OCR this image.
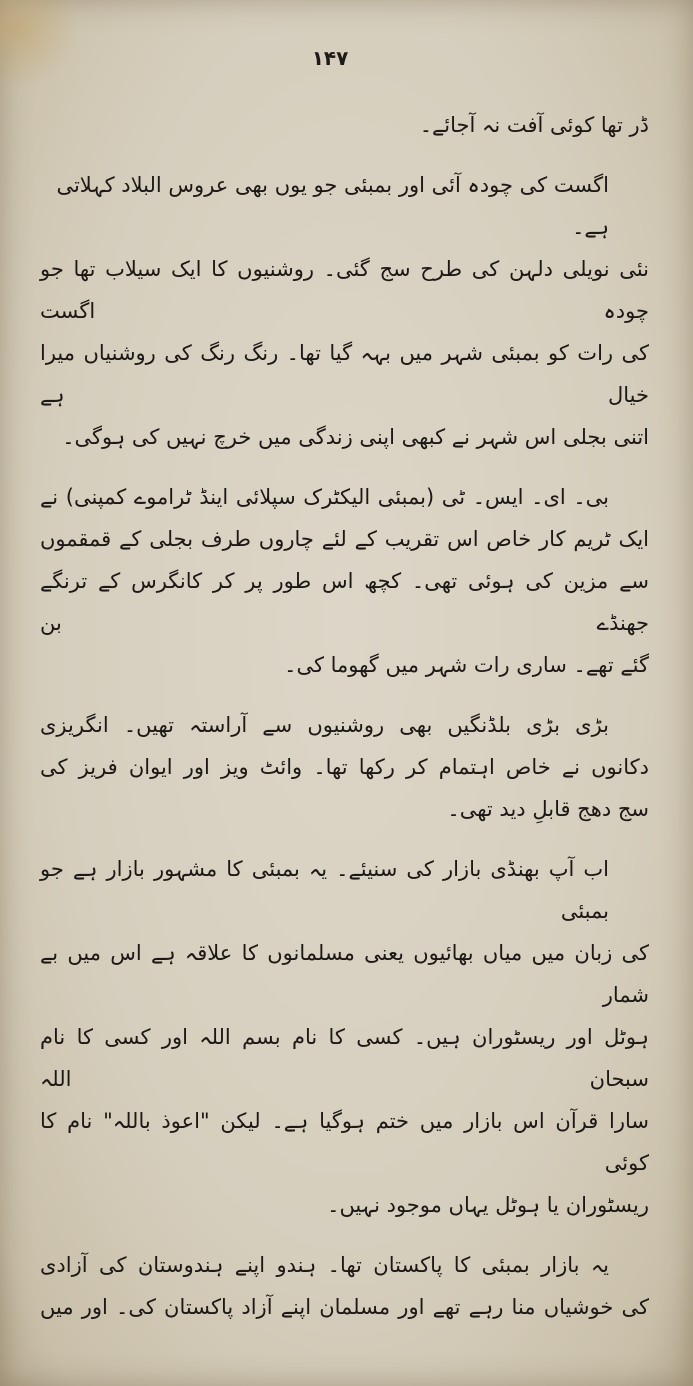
۱۴۷
ڈر تھا کوئی آفت نہ آجائے۔
اگست کی چودہ آئی اور بمبئی جو یوں بھی عروس البلاد کہلاتی ہے۔
نئی نویلی دلہن کی طرح سج گئی۔ روشنیوں کا ایک سیلاب تھا جو چودہ اگست
کی رات کو بمبئی شہر میں بہہ گیا تھا۔ رنگ رنگ کی روشنیاں میرا خیال ہے
اتنی بجلی اس شہر نے کبھی اپنی زندگی میں خرچ نہیں کی ہوگی۔
بی۔ ای۔ ایس۔ ٹی (بمبئی الیکٹرک سپلائی اینڈ ٹراموے کمپنی) نے
ایک ٹریم کار خاص اس تقریب کے لئے چاروں طرف بجلی کے قمقموں
سے مزین کی ہوئی تھی۔ کچھ اس طور پر کر کانگرس کے ترنگے جھنڈے بن
گئے تھے۔ ساری رات شہر میں گھوما کی۔
بڑی بڑی بلڈنگیں بھی روشنیوں سے آراستہ تھیں۔ انگریزی
دکانوں نے خاص اہتمام کر رکھا تھا۔ وائٹ ویز اور ایوان فریز کی
سج دھج قابلِ دید تھی۔
اب آپ بھنڈی بازار کی سنیئے۔ یہ بمبئی کا مشہور بازار ہے جو بمبئی
کی زبان میں میاں بھائیوں یعنی مسلمانوں کا علاقہ ہے اس میں بے شمار
ہوٹل اور ریسٹوران ہیں۔ کسی کا نام بسم اللہ اور کسی کا نام سبحان اللہ
سارا قرآن اس بازار میں ختم ہوگیا ہے۔ لیکن "اعوذ باللہ" نام کا کوئی
ریسٹوران یا ہوٹل یہاں موجود نہیں۔
یہ بازار بمبئی کا پاکستان تھا۔ ہندو اپنے ہندوستان کی آزادی
کی خوشیاں منا رہے تھے اور مسلمان اپنے آزاد پاکستان کی۔ اور میں
